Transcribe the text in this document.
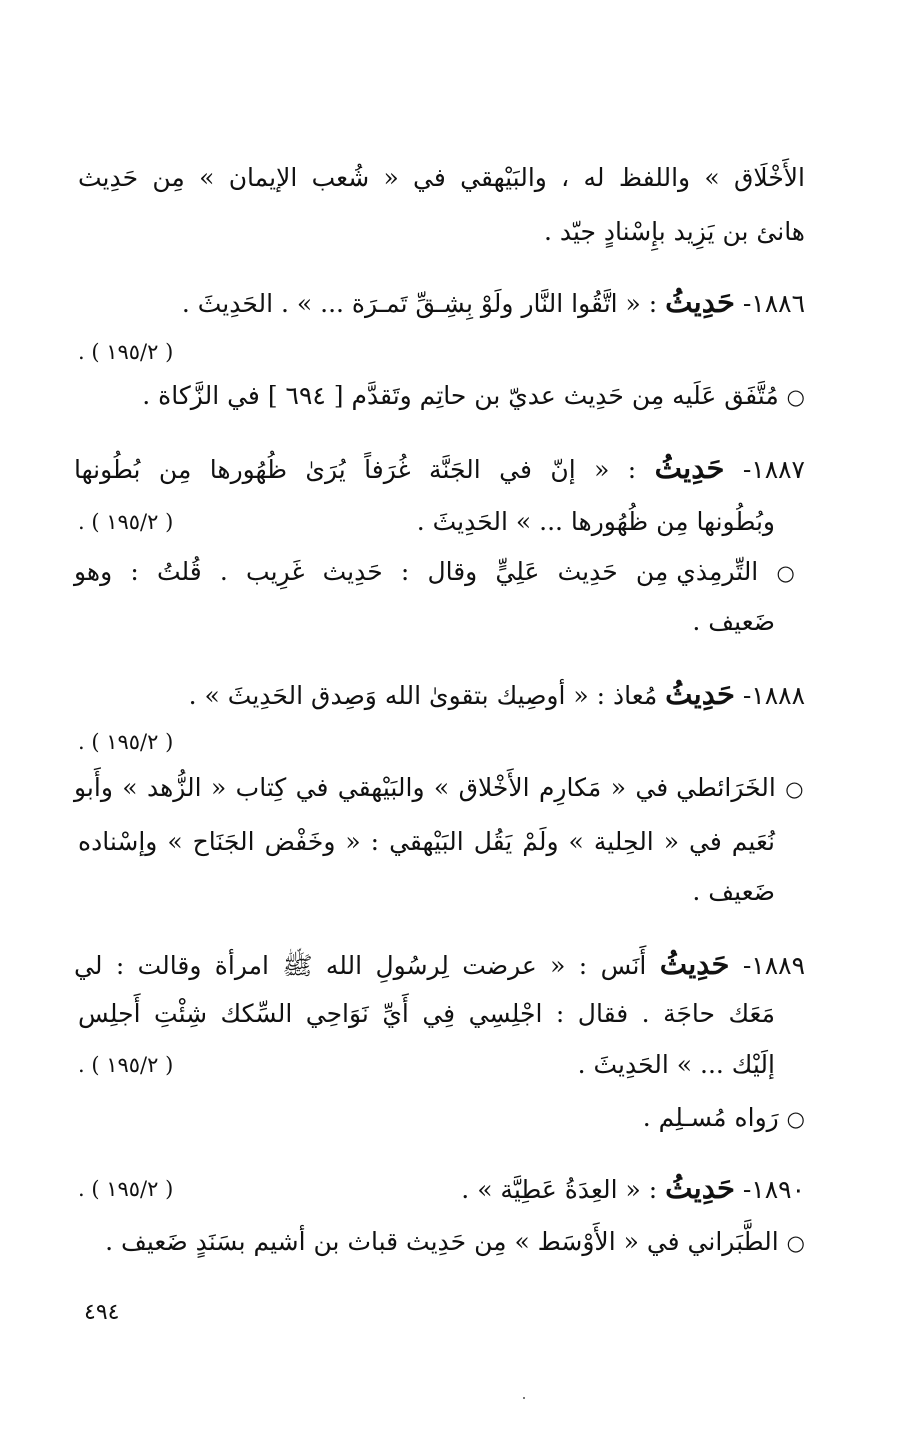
الأَخْلَاق » واللفظ له ، والبَيْهقي في « شُعب الإيمان » مِن حَدِيث
هانئ بن يَزِيد بإِسْنادٍ جيّد .
١٨٨٦- حَدِيثُ : « اتَّقُوا النَّار ولَوْ بِشِـقِّ تَمـرَة ... » . الحَدِيثَ .
( ١٩٥/٢ ) .
○ مُتَّفَق عَلَيه مِن حَدِيث عديّ بن حاتِم وتَقدَّم [ ٦٩٤ ] في الزَّكاة .
١٨٨٧- حَدِيثُ : « إنّ في الجَنَّة غُرَفاً يُرَىٰ ظُهُورها مِن بُطُونها
وبُطُونها مِن ظُهُورها ... » الحَدِيثَ .
( ١٩٥/٢ ) .
○ التِّرمِذي مِن حَدِيث عَلِيٍّ وقال : حَدِيث غَرِيب . قُلتُ : وهو
ضَعيف .
١٨٨٨- حَدِيثُ مُعاذ : « أوصِيك بتقوىٰ الله وَصِدق الحَدِيثَ » .
( ١٩٥/٢ ) .
○ الخَرَائطي في « مَكارِم الأَخْلاق » والبَيْهقي في كِتاب « الزُّهد » وأَبو
نُعَيم في « الحِلية » ولَمْ يَقُل البَيْهقي : « وخَفْض الجَنَاح » وإسْناده
ضَعيف .
١٨٨٩- حَدِيثُ أَنَس : « عرضت لِرسُولِ الله ﷺ امرأة وقالت : لي
مَعَك حاجَة . فقال : اجْلِسِي فِي أَيِّ نَوَاحِي السِّكك شِئْتِ أَجلِس
إلَيْك ... » الحَدِيثَ .
( ١٩٥/٢ ) .
○ رَواه مُسـلِم .
١٨٩٠- حَدِيثُ : « العِدَةُ عَطِيَّة » .
( ١٩٥/٢ ) .
○ الطَّبَراني في « الأَوْسَط » مِن حَدِيث قباث بن أشيم بسَنَدٍ ضَعيف .
٤٩٤
